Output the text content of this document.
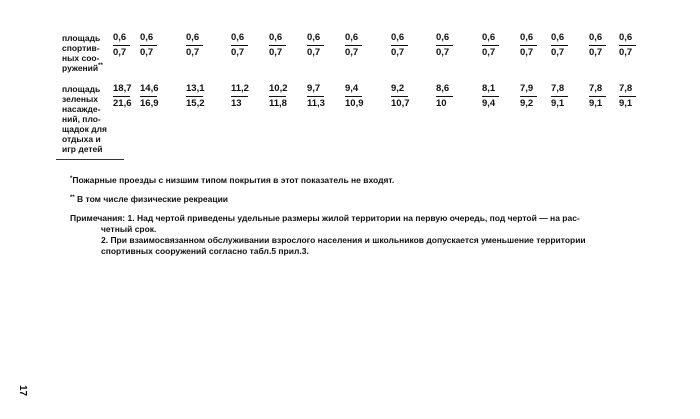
площадь
спортив-
ных соо-
ружений**
площадь
зеленых
насажде-
ний, пло-
щадок для
отдыха и
игр детей
0,6
0,7
0,6
0,7
0,6
0,7
0,6
0,7
0,6
0,7
0,6
0,7
0,6
0,7
0,6
0,7
0,6
0,7
0,6
0,7
0,6
0,7
0,6
0,7
0,6
0,7
0,6
0,7
18,7
21,6
14,6
16,9
13,1
15,2
11,2
13
10,2
11,8
9,7
11,3
9,4
10,9
9,2
10,7
8,6
10
8,1
9,4
7,9
9,2
7,8
9,1
7,8
9,1
7,8
9,1
*Пожарные проезды с низшим типом покрытия в этот показатель не входят.
** В том числе физические рекреации

Примечания: 1. Над чертой приведены удельные размеры жилой территории на первую очередь, под чертой — на рас-

четный срок.

2. При взаимосвязанном обслуживании взрослого населения и школьников допускается уменьшение территории

спортивных сооружений согласно табл.5 прил.3.

17
